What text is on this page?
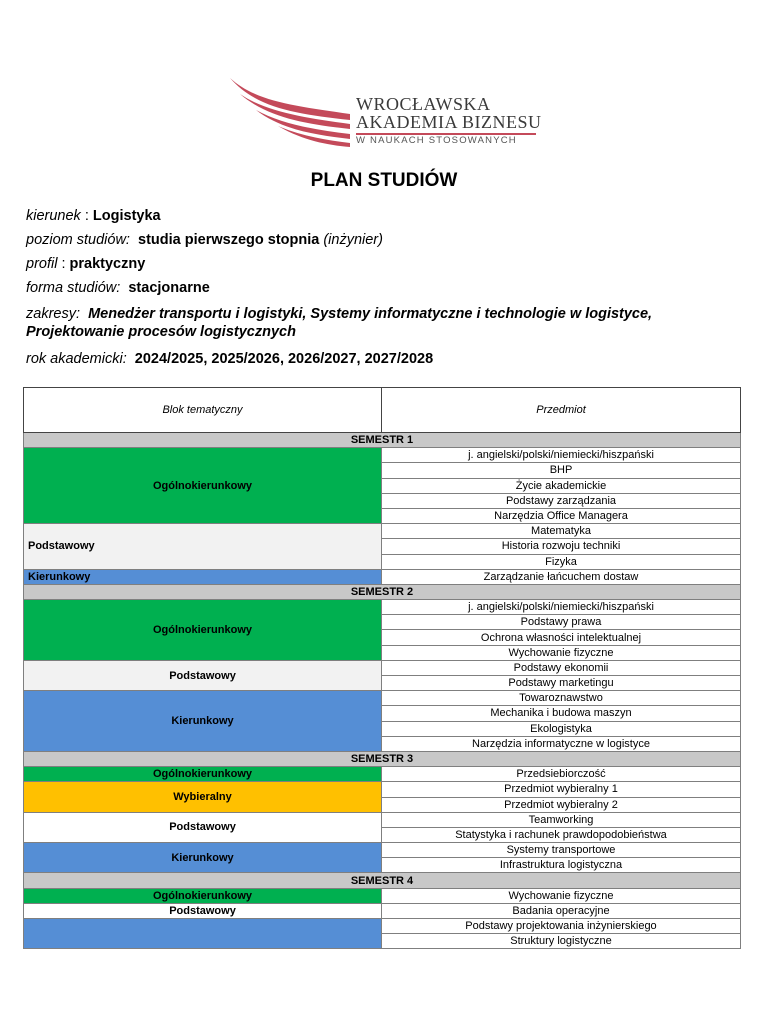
WROCŁAWSKA
AKADEMIA BIZNESU
W NAUKACH STOSOWANYCH
PLAN STUDIÓW
kierunek : Logistyka
poziom studiów: studia pierwszego stopnia (inżynier)
profil : praktyczny
forma studiów: stacjonarne
zakresy: Menedżer transportu i logistyki, Systemy informatyczne i technologie w logistyce,
Projektowanie procesów logistycznych
rok akademicki: 2024/2025, 2025/2026, 2026/2027, 2027/2028
Blok tematyczny	Przedmiot
SEMESTR 1	
Ogólnokierunkowy	j. angielski/polski/niemiecki/hiszpański
	BHP
	Życie akademickie
	Podstawy zarządzania
	Narzędzia Office Managera
Podstawowy	Matematyka
	Historia rozwoju techniki
	Fizyka
Kierunkowy	Zarządzanie łańcuchem dostaw
SEMESTR 2	
Ogólnokierunkowy	j. angielski/polski/niemiecki/hiszpański
	Podstawy prawa
	Ochrona własności intelektualnej
	Wychowanie fizyczne
Podstawowy	Podstawy ekonomii
	Podstawy marketingu
Kierunkowy	Towaroznawstwo
	Mechanika i budowa maszyn
	Ekologistyka
	Narzędzia informatyczne w logistyce
SEMESTR 3	
Ogólnokierunkowy	Przedsiebiorczość
Wybieralny	Przedmiot wybieralny 1
	Przedmiot wybieralny 2
Podstawowy	Teamworking
	Statystyka i rachunek prawdopodobieństwa
Kierunkowy	Systemy transportowe
	Infrastruktura logistyczna
SEMESTR 4	
Ogólnokierunkowy	Wychowanie fizyczne
Podstawowy	Badania operacyjne
	Podstawy projektowania inżynierskiego
	Struktury logistyczne
